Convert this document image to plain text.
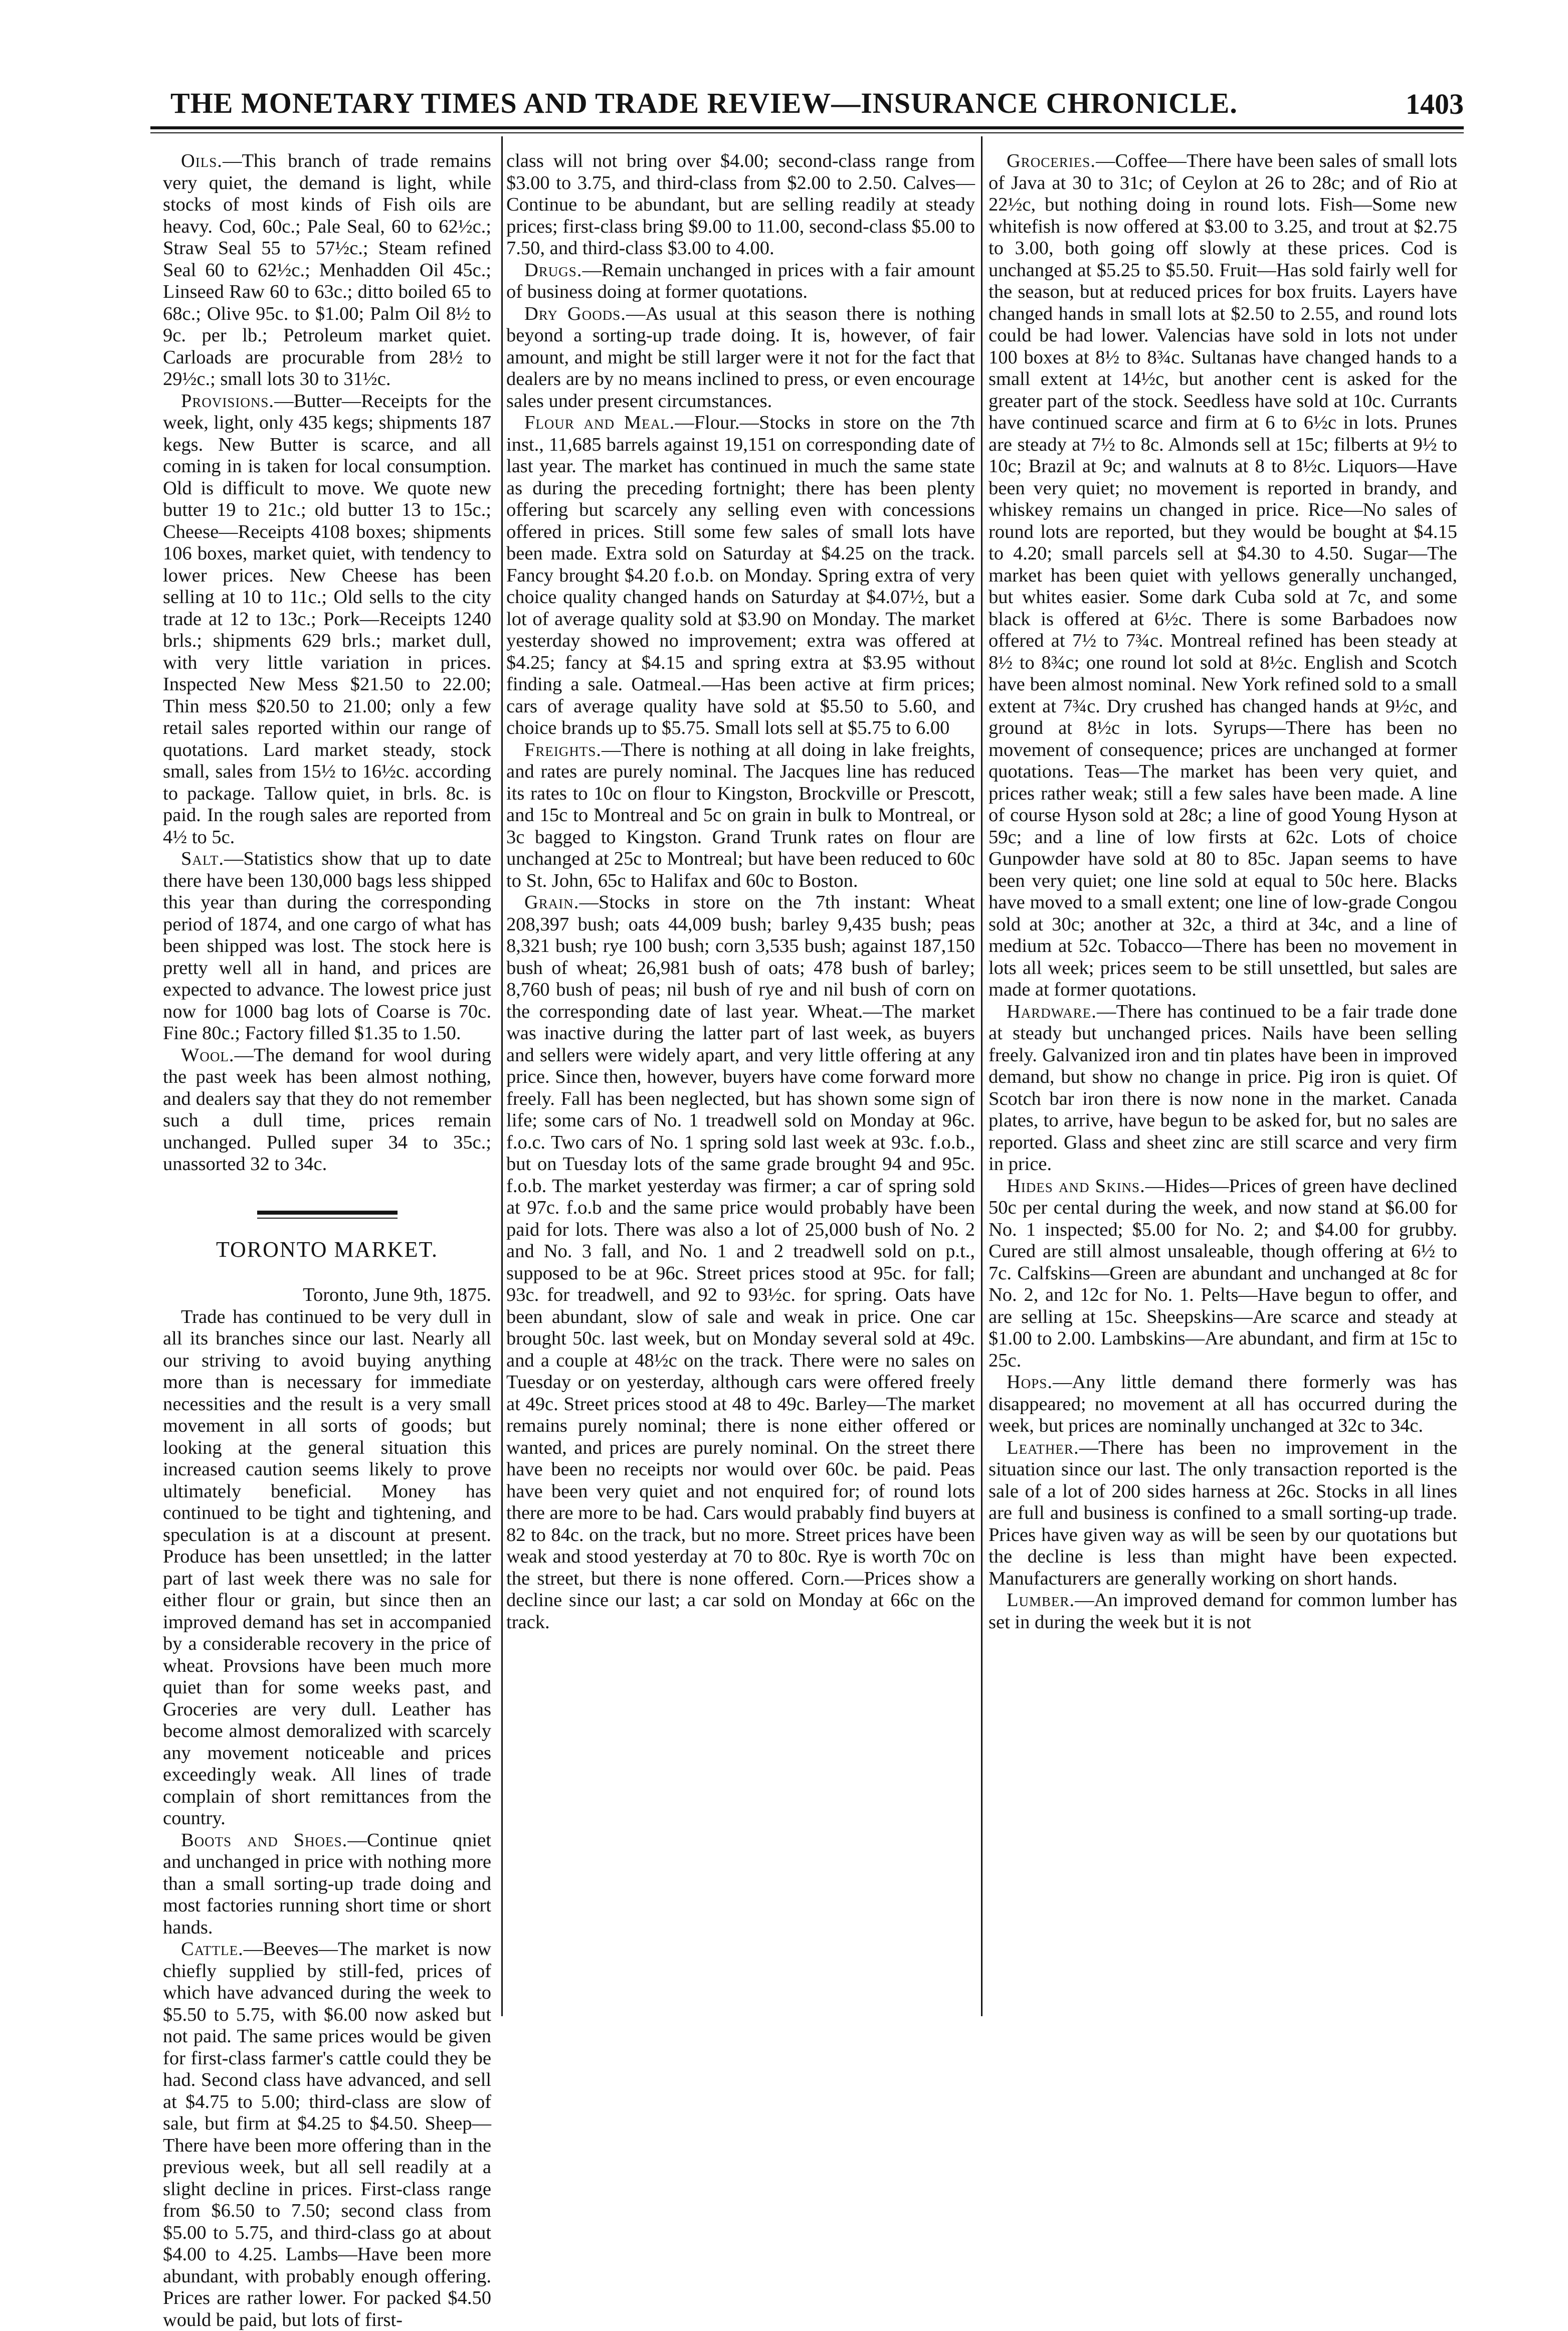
THE MONETARY TIMES AND TRADE REVIEW—INSURANCE CHRONICLE.	1403

Oils.—This branch of trade remains very quiet, the demand is light, while stocks of most kinds of Fish oils are heavy. Cod, 60c.; Pale Seal, 60 to 62½c.; Straw Seal 55 to 57½c.; Steam refined Seal 60 to 62½c.; Menhadden Oil 45c.; Linseed Raw 60 to 63c.; ditto boiled 65 to 68c.; Olive 95c. to $1.00; Palm Oil 8½ to 9c. per lb.; Petroleum market quiet. Carloads are procurable from 28½ to 29½c.; small lots 30 to 31½c.

Provisions.—Butter—Receipts for the week, light, only 435 kegs; shipments 187 kegs. New Butter is scarce, and all coming in is taken for local consumption. Old is difficult to move. We quote new butter 19 to 21c.; old butter 13 to 15c.; Cheese—Receipts 4108 boxes; shipments 106 boxes, market quiet, with tendency to lower prices. New Cheese has been selling at 10 to 11c.; Old sells to the city trade at 12 to 13c.; Pork—Receipts 1240 brls.; shipments 629 brls.; market dull, with very little variation in prices. Inspected New Mess $21.50 to 22.00; Thin mess $20.50 to 21.00; only a few retail sales reported within our range of quotations. Lard market steady, stock small, sales from 15½ to 16½c. according to package. Tallow quiet, in brls. 8c. is paid. In the rough sales are reported from 4½ to 5c.

Salt.—Statistics show that up to date there have been 130,000 bags less shipped this year than during the corresponding period of 1874, and one cargo of what has been shipped was lost. The stock here is pretty well all in hand, and prices are expected to advance. The lowest price just now for 1000 bag lots of Coarse is 70c. Fine 80c.; Factory filled $1.35 to 1.50.

Wool.—The demand for wool during the past week has been almost nothing, and dealers say that they do not remember such a dull time, prices remain unchanged. Pulled super 34 to 35c.; unassorted 32 to 34c.

TORONTO MARKET.

Toronto, June 9th, 1875.

Trade has continued to be very dull in all its branches since our last. Nearly all our striving to avoid buying anything more than is necessary for immediate necessities and the result is a very small movement in all sorts of goods; but looking at the general situation this increased caution seems likely to prove ultimately beneficial. Money has continued to be tight and tightening, and speculation is at a discount at present. Produce has been unsettled; in the latter part of last week there was no sale for either flour or grain, but since then an improved demand has set in accompanied by a considerable recovery in the price of wheat. Provsions have been much more quiet than for some weeks past, and Groceries are very dull. Leather has become almost demoralized with scarcely any movement noticeable and prices exceedingly weak. All lines of trade complain of short remittances from the country.

Boots and Shoes.—Continue qniet and unchanged in price with nothing more than a small sorting-up trade doing and most factories running short time or short hands.

Cattle.—Beeves—The market is now chiefly supplied by still-fed, prices of which have advanced during the week to $5.50 to 5.75, with $6.00 now asked but not paid. The same prices would be given for first-class farmer's cattle could they be had. Second class have advanced, and sell at $4.75 to 5.00; third-class are slow of sale, but firm at $4.25 to $4.50. Sheep—There have been more offering than in the previous week, but all sell readily at a slight decline in prices. First-class range from $6.50 to 7.50; second class from $5.00 to 5.75, and third-class go at about $4.00 to 4.25. Lambs—Have been more abundant, with probably enough offering. Prices are rather lower. For packed $4.50 would be paid, but lots of first-

class will not bring over $4.00; second-class range from $3.00 to 3.75, and third-class from $2.00 to 2.50. Calves—Continue to be abundant, but are selling readily at steady prices; first-class bring $9.00 to 11.00, second-class $5.00 to 7.50, and third-class $3.00 to 4.00.

Drugs.—Remain unchanged in prices with a fair amount of business doing at former quotations.

Dry Goods.—As usual at this season there is nothing beyond a sorting-up trade doing. It is, however, of fair amount, and might be still larger were it not for the fact that dealers are by no means inclined to press, or even encourage sales under present circumstances.

Flour and Meal.—Flour.—Stocks in store on the 7th inst., 11,685 barrels against 19,151 on corresponding date of last year. The market has continued in much the same state as during the preceding fortnight; there has been plenty offering but scarcely any selling even with concessions offered in prices. Still some few sales of small lots have been made. Extra sold on Saturday at $4.25 on the track. Fancy brought $4.20 f.o.b. on Monday. Spring extra of very choice quality changed hands on Saturday at $4.07½, but a lot of average quality sold at $3.90 on Monday. The market yesterday showed no improvement; extra was offered at $4.25; fancy at $4.15 and spring extra at $3.95 without finding a sale. Oatmeal.—Has been active at firm prices; cars of average quality have sold at $5.50 to 5.60, and choice brands up to $5.75. Small lots sell at $5.75 to 6.00

Freights.—There is nothing at all doing in lake freights, and rates are purely nominal. The Jacques line has reduced its rates to 10c on flour to Kingston, Brockville or Prescott, and 15c to Montreal and 5c on grain in bulk to Montreal, or 3c bagged to Kingston. Grand Trunk rates on flour are unchanged at 25c to Montreal; but have been reduced to 60c to St. John, 65c to Halifax and 60c to Boston.

Grain.—Stocks in store on the 7th instant: Wheat 208,397 bush; oats 44,009 bush; barley 9,435 bush; peas 8,321 bush; rye 100 bush; corn 3,535 bush; against 187,150 bush of wheat; 26,981 bush of oats; 478 bush of barley; 8,760 bush of peas; nil bush of rye and nil bush of corn on the corresponding date of last year. Wheat.—The market was inactive during the latter part of last week, as buyers and sellers were widely apart, and very little offering at any price. Since then, however, buyers have come forward more freely. Fall has been neglected, but has shown some sign of life; some cars of No. 1 treadwell sold on Monday at 96c. f.o.c. Two cars of No. 1 spring sold last week at 93c. f.o.b., but on Tuesday lots of the same grade brought 94 and 95c. f.o.b. The market yesterday was firmer; a car of spring sold at 97c. f.o.b and the same price would probably have been paid for lots. There was also a lot of 25,000 bush of No. 2 and No. 3 fall, and No. 1 and 2 treadwell sold on p.t., supposed to be at 96c. Street prices stood at 95c. for fall; 93c. for treadwell, and 92 to 93½c. for spring. Oats have been abundant, slow of sale and weak in price. One car brought 50c. last week, but on Monday several sold at 49c. and a couple at 48½c on the track. There were no sales on Tuesday or on yesterday, although cars were offered freely at 49c. Street prices stood at 48 to 49c. Barley—The market remains purely nominal; there is none either offered or wanted, and prices are purely nominal. On the street there have been no receipts nor would over 60c. be paid. Peas have been very quiet and not enquired for; of round lots there are more to be had. Cars would prabably find buyers at 82 to 84c. on the track, but no more. Street prices have been weak and stood yesterday at 70 to 80c. Rye is worth 70c on the street, but there is none offered. Corn.—Prices show a decline since our last; a car sold on Monday at 66c on the track.

Groceries.—Coffee—There have been sales of small lots of Java at 30 to 31c; of Ceylon at 26 to 28c; and of Rio at 22½c, but nothing doing in round lots. Fish—Some new whitefish is now offered at $3.00 to 3.25, and trout at $2.75 to 3.00, both going off slowly at these prices. Cod is unchanged at $5.25 to $5.50. Fruit—Has sold fairly well for the season, but at reduced prices for box fruits. Layers have changed hands in small lots at $2.50 to 2.55, and round lots could be had lower. Valencias have sold in lots not under 100 boxes at 8½ to 8¾c. Sultanas have changed hands to a small extent at 14½c, but another cent is asked for the greater part of the stock. Seedless have sold at 10c. Currants have continued scarce and firm at 6 to 6½c in lots. Prunes are steady at 7½ to 8c. Almonds sell at 15c; filberts at 9½ to 10c; Brazil at 9c; and walnuts at 8 to 8½c. Liquors—Have been very quiet; no movement is reported in brandy, and whiskey remains un changed in price. Rice—No sales of round lots are reported, but they would be bought at $4.15 to 4.20; small parcels sell at $4.30 to 4.50. Sugar—The market has been quiet with yellows generally unchanged, but whites easier. Some dark Cuba sold at 7c, and some black is offered at 6½c. There is some Barbadoes now offered at 7½ to 7¾c. Montreal refined has been steady at 8½ to 8¾c; one round lot sold at 8½c. English and Scotch have been almost nominal. New York refined sold to a small extent at 7¾c. Dry crushed has changed hands at 9½c, and ground at 8½c in lots. Syrups—There has been no movement of consequence; prices are unchanged at former quotations. Teas—The market has been very quiet, and prices rather weak; still a few sales have been made. A line of course Hyson sold at 28c; a line of good Young Hyson at 59c; and a line of low firsts at 62c. Lots of choice Gunpowder have sold at 80 to 85c. Japan seems to have been very quiet; one line sold at equal to 50c here. Blacks have moved to a small extent; one line of low-grade Congou sold at 30c; another at 32c, a third at 34c, and a line of medium at 52c. Tobacco—There has been no movement in lots all week; prices seem to be still unsettled, but sales are made at former quotations.

Hardware.—There has continued to be a fair trade done at steady but unchanged prices. Nails have been selling freely. Galvanized iron and tin plates have been in improved demand, but show no change in price. Pig iron is quiet. Of Scotch bar iron there is now none in the market. Canada plates, to arrive, have begun to be asked for, but no sales are reported. Glass and sheet zinc are still scarce and very firm in price.

Hides and Skins.—Hides—Prices of green have declined 50c per cental during the week, and now stand at $6.00 for No. 1 inspected; $5.00 for No. 2; and $4.00 for grubby. Cured are still almost unsaleable, though offering at 6½ to 7c. Calfskins—Green are abundant and unchanged at 8c for No. 2, and 12c for No. 1. Pelts—Have begun to offer, and are selling at 15c. Sheepskins—Are scarce and steady at $1.00 to 2.00. Lambskins—Are abundant, and firm at 15c to 25c.

Hops.—Any little demand there formerly was has disappeared; no movement at all has occurred during the week, but prices are nominally unchanged at 32c to 34c.

Leather.—There has been no improvement in the situation since our last. The only transaction reported is the sale of a lot of 200 sides harness at 26c. Stocks in all lines are full and business is confined to a small sorting-up trade. Prices have given way as will be seen by our quotations but the decline is less than might have been expected. Manufacturers are generally working on short hands.

Lumber.—An improved demand for common lumber has set in during the week but it is not
